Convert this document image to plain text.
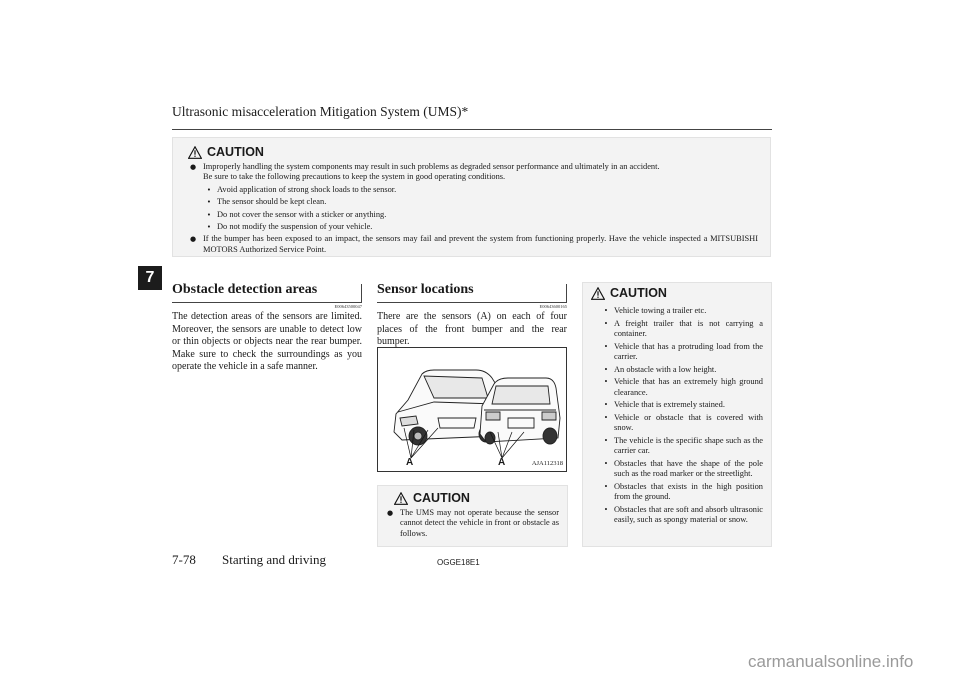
Ultrasonic misacceleration Mitigation System (UMS)*
7
CAUTION
● Improperly handling the system components may result in such problems as degraded sensor performance and ultimately in an accident.
Be sure to take the following precautions to keep the system in good operating conditions.
• Avoid application of strong shock loads to the sensor.
• The sensor should be kept clean.
• Do not cover the sensor with a sticker or anything.
• Do not modify the suspension of your vehicle.
● If the bumper has been exposed to an impact, the sensors may fail and prevent the system from functioning properly. Have the vehicle inspected a MITSUBISHI MOTORS Authorized Service Point.
Obstacle detection areas
E00643500047
The detection areas of the sensors are limited. Moreover, the sensors are unable to detect low or thin objects or objects near the rear bumper. Make sure to check the surroundings as you operate the vehicle in a safe manner.
Sensor locations
E00643600165
There are the sensors (A) on each of four places of the front bumper and the rear bumper.
A	A	AJA112318
CAUTION
● The UMS may not operate because the sensor cannot detect the vehicle in front or obstacle as follows.
CAUTION
• Vehicle towing a trailer etc.
• A freight trailer that is not carrying a container.
• Vehicle that has a protruding load from the carrier.
• An obstacle with a low height.
• Vehicle that has an extremely high ground clearance.
• Vehicle that is extremely stained.
• Vehicle or obstacle that is covered with snow.
• The vehicle is the specific shape such as the carrier car.
• Obstacles that have the shape of the pole such as the road marker or the streetlight.
• Obstacles that exists in the high position from the ground.
• Obstacles that are soft and absorb ultrasonic easily, such as spongy material or snow.
7-78 Starting and driving	OGGE18E1
carmanualsonline.info
